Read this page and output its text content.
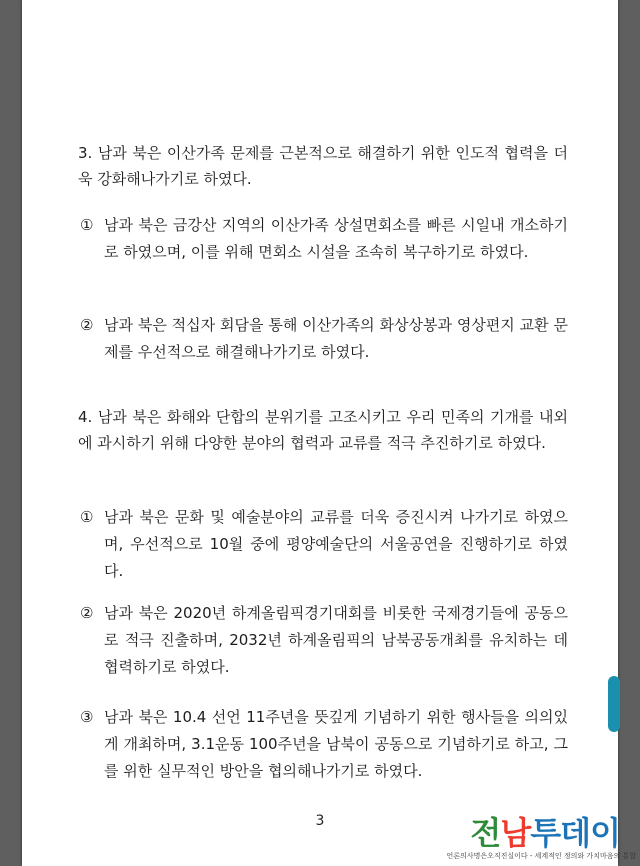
3. 남과 북은 이산가족 문제를 근본적으로 해결하기 위한 인도적 협력을 더욱 강화해나가기로 하였다.

① 남과 북은 금강산 지역의 이산가족 상설면회소를 빠른 시일내 개소하기로 하였으며, 이를 위해 면회소 시설을 조속히 복구하기로 하였다.
② 남과 북은 적십자 회담을 통해 이산가족의 화상상봉과 영상편지 교환 문제를 우선적으로 해결해나가기로 하였다.

4. 남과 북은 화해와 단합의 분위기를 고조시키고 우리 민족의 기개를 내외에 과시하기 위해 다양한 분야의 협력과 교류를 적극 추진하기로 하였다.

① 남과 북은 문화 및 예술분야의 교류를 더욱 증진시켜 나가기로 하였으며, 우선적으로 10월 중에 평양예술단의 서울공연을 진행하기로 하였다.
② 남과 북은 2020년 하계올림픽경기대회를 비롯한 국제경기들에 공동으로 적극 진출하며, 2032년 하계올림픽의 남북공동개최를 유치하는 데 협력하기로 하였다.
③ 남과 북은 10.4 선언 11주년을 뜻깊게 기념하기 위한 행사들을 의의있게 개최하며, 3.1운동 100주년을 남북이 공동으로 기념하기로 하고, 그를 위한 실무적인 방안을 협의해나가기로 하였다.
3	전남투데이
언론의사명은오직진실이다 - 세계적인 정의와 가치마음의 통합
